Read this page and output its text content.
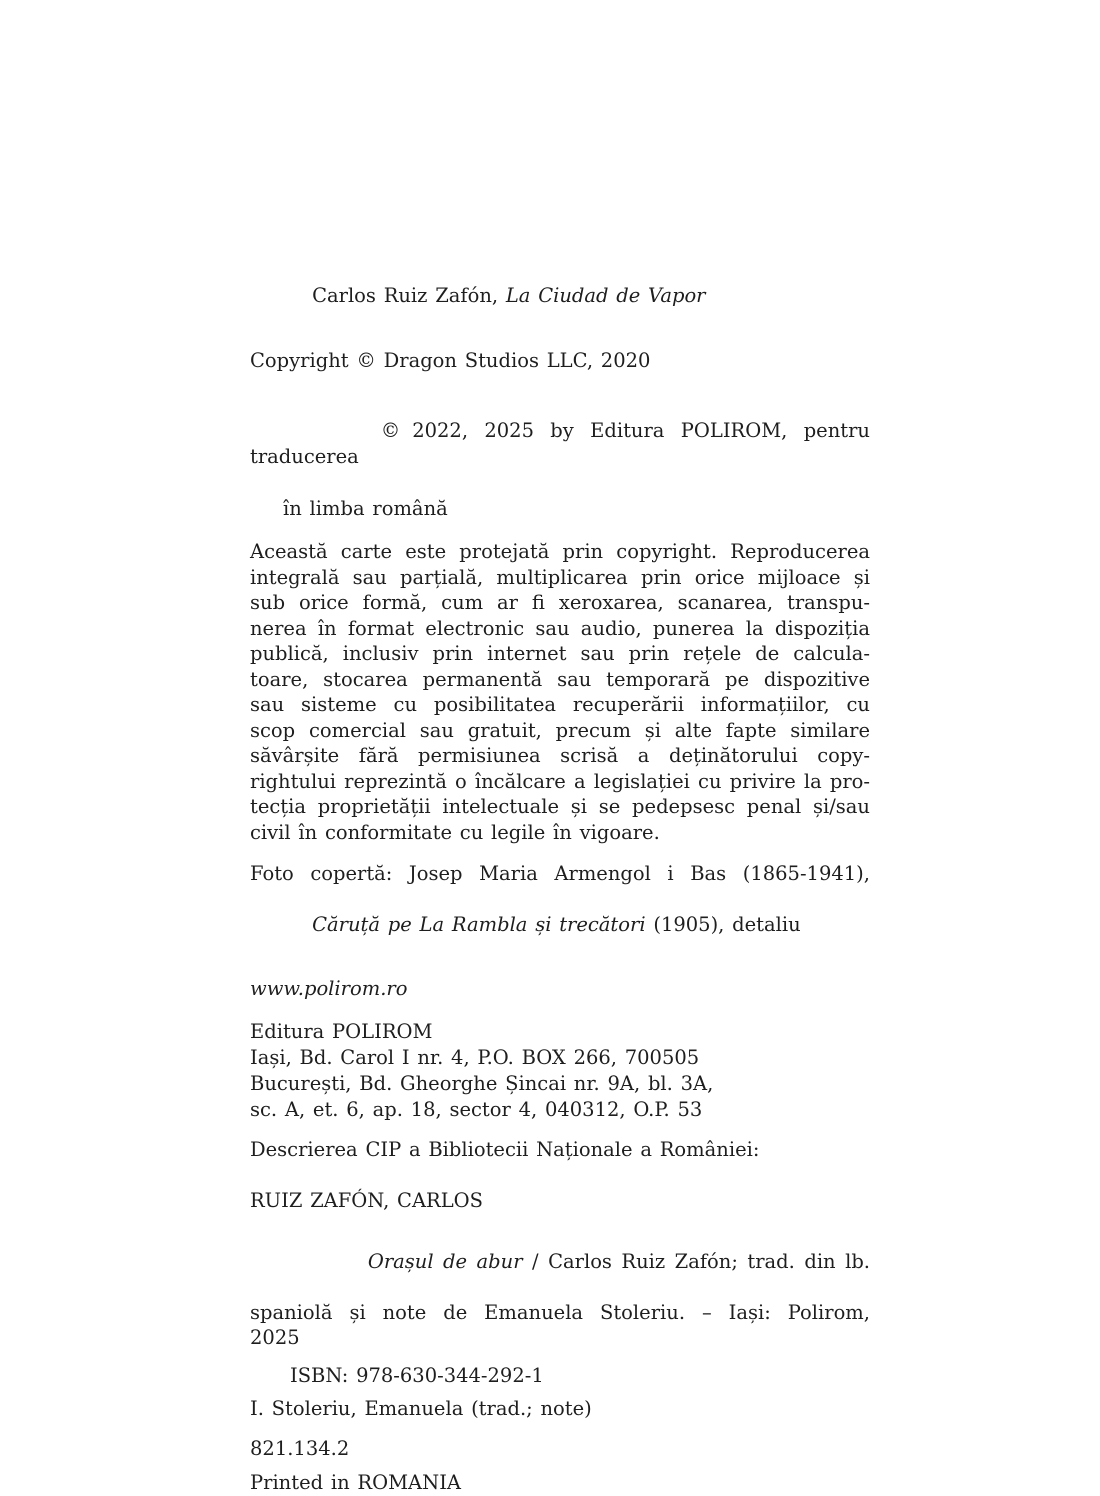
Carlos Ruiz Zafón, La Ciudad de Vapor

Copyright © Dragon Studios LLC, 2020

© 2022, 2025 by Editura POLIROM, pentru traducerea

în limba română
Această carte este protejată prin copyright. Reproducerea
integrală sau parțială, multiplicarea prin orice mijloace și
sub orice formă, cum ar fi xeroxarea, scanarea, transpu-
nerea în format electronic sau audio, punerea la dispoziția
publică, inclusiv prin internet sau prin rețele de calcula-
toare, stocarea permanentă sau temporară pe dispozitive
sau sisteme cu posibilitatea recuperării informațiilor, cu
scop comercial sau gratuit, precum și alte fapte similare
săvârșite fără permisiunea scrisă a deținătorului copy-
rightului reprezintă o încălcare a legislației cu privire la pro-
tecția proprietății intelectuale și se pedepsesc penal și/sau
civil în conformitate cu legile în vigoare.
Foto copertă: Josep Maria Armengol i Bas (1865-1941),

Căruță pe La Rambla și trecători (1905), detaliu

www.polirom.ro
Editura POLIROM
Iași, Bd. Carol I nr. 4, P.O. BOX 266, 700505
București, Bd. Gheorghe Șincai nr. 9A, bl. 3A,
sc. A, et. 6, ap. 18, sector 4, 040312, O.P. 53
Descrierea CIP a Bibliotecii Naționale a României:
RUIZ ZAFÓN, CARLOS

Orașul de abur / Carlos Ruiz Zafón; trad. din lb.

spaniolă și note de Emanuela Stoleriu. – Iași: Polirom,
2025
ISBN: 978-630-344-292-1
I. Stoleriu, Emanuela (trad.; note)
821.134.2
Printed in ROMANIA
